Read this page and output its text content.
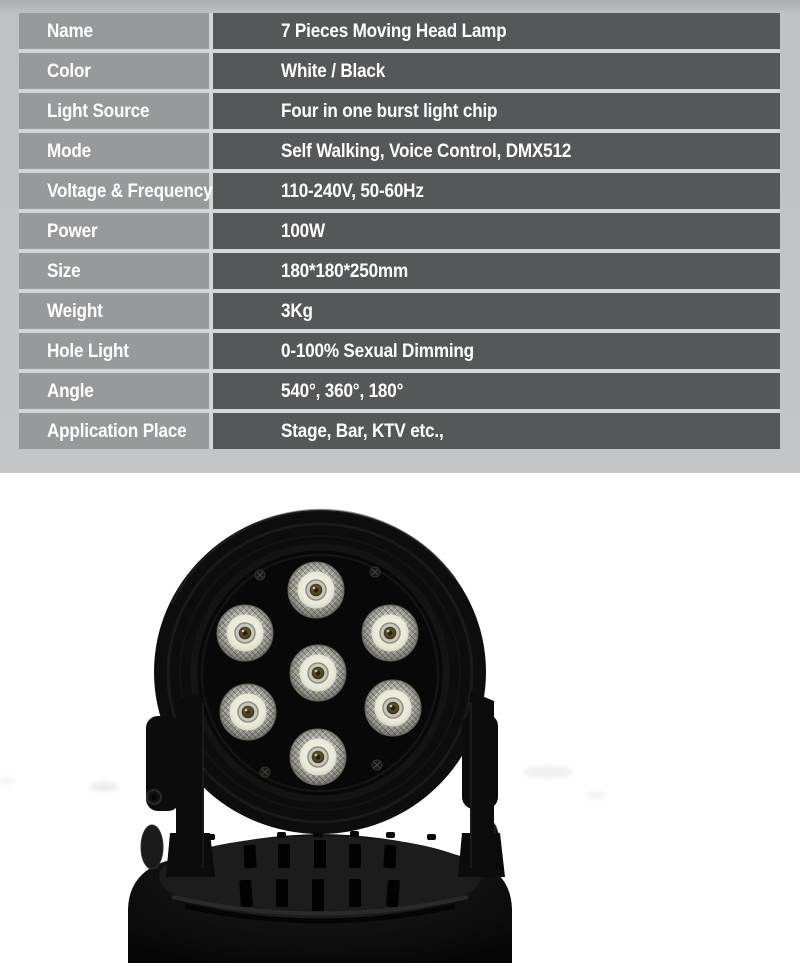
Name	7 Pieces Moving Head Lamp
Color	White / Black
Light Source	Four in one burst light chip
Mode	Self Walking, Voice Control, DMX512
Voltage & Frequency	110-240V, 50-60Hz
Power	100W
Size	180*180*250mm
Weight	3Kg
Hole Light	0-100% Sexual Dimming
Angle	540°, 360°, 180°
Application Place	Stage, Bar, KTV etc.,
